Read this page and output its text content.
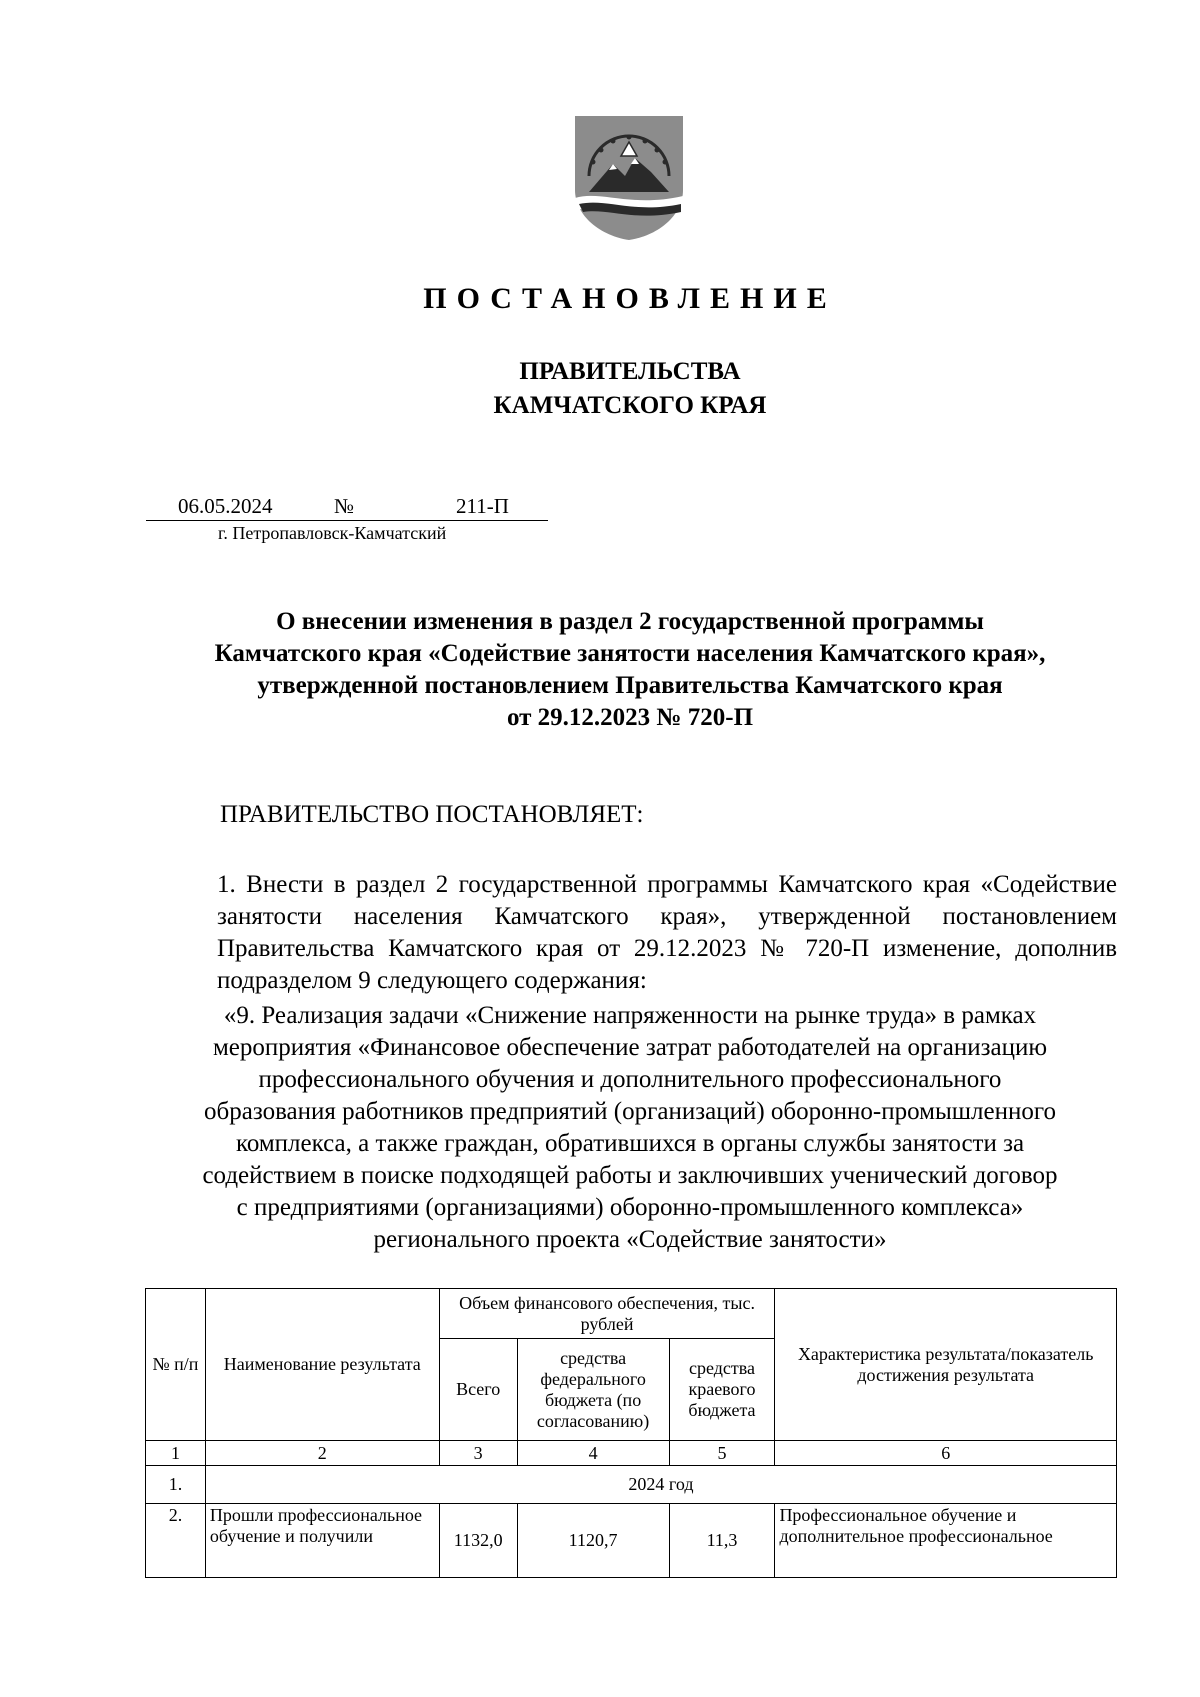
ПОСТАНОВЛЕНИЕ
ПРАВИТЕЛЬСТВА
КАМЧАТСКОГО КРАЯ
06.05.2024	№	211-П
г. Петропавловск-Камчатский
О внесении изменения в раздел 2 государственной программы
Камчатского края «Содействие занятости населения Камчатского края»,
утвержденной постановлением Правительства Камчатского края
от 29.12.2023 № 720-П
ПРАВИТЕЛЬСТВО ПОСТАНОВЛЯЕТ:
1. Внести в раздел 2 государственной программы Камчатского края «Содействие занятости населения Камчатского края», утвержденной постановлением Правительства Камчатского края от 29.12.2023 № 720-П изменение, дополнив подразделом 9 следующего содержания:
«9. Реализация задачи «Снижение напряженности на рынке труда» в рамках
мероприятия «Финансовое обеспечение затрат работодателей на организацию
профессионального обучения и дополнительного профессионального
образования работников предприятий (организаций) оборонно-промышленного
комплекса, а также граждан, обратившихся в органы службы занятости за
содействием в поиске подходящей работы и заключивших ученический договор
с предприятиями (организациями) оборонно-промышленного комплекса»
регионального проекта «Содействие занятости»
№ п/п	Наименование результата	Объем финансового обеспечения, тыс. рублей			Характеристика результата/показатель достижения результата
		Всего	средства федерального бюджета (по согласованию)	средства краевого бюджета	
1	2	3	4	5	6
1.	2024 год				
2.	Прошли профессиональное обучение и получили	1132,0	1120,7	11,3	Профессиональное обучение и дополнительное профессиональное
